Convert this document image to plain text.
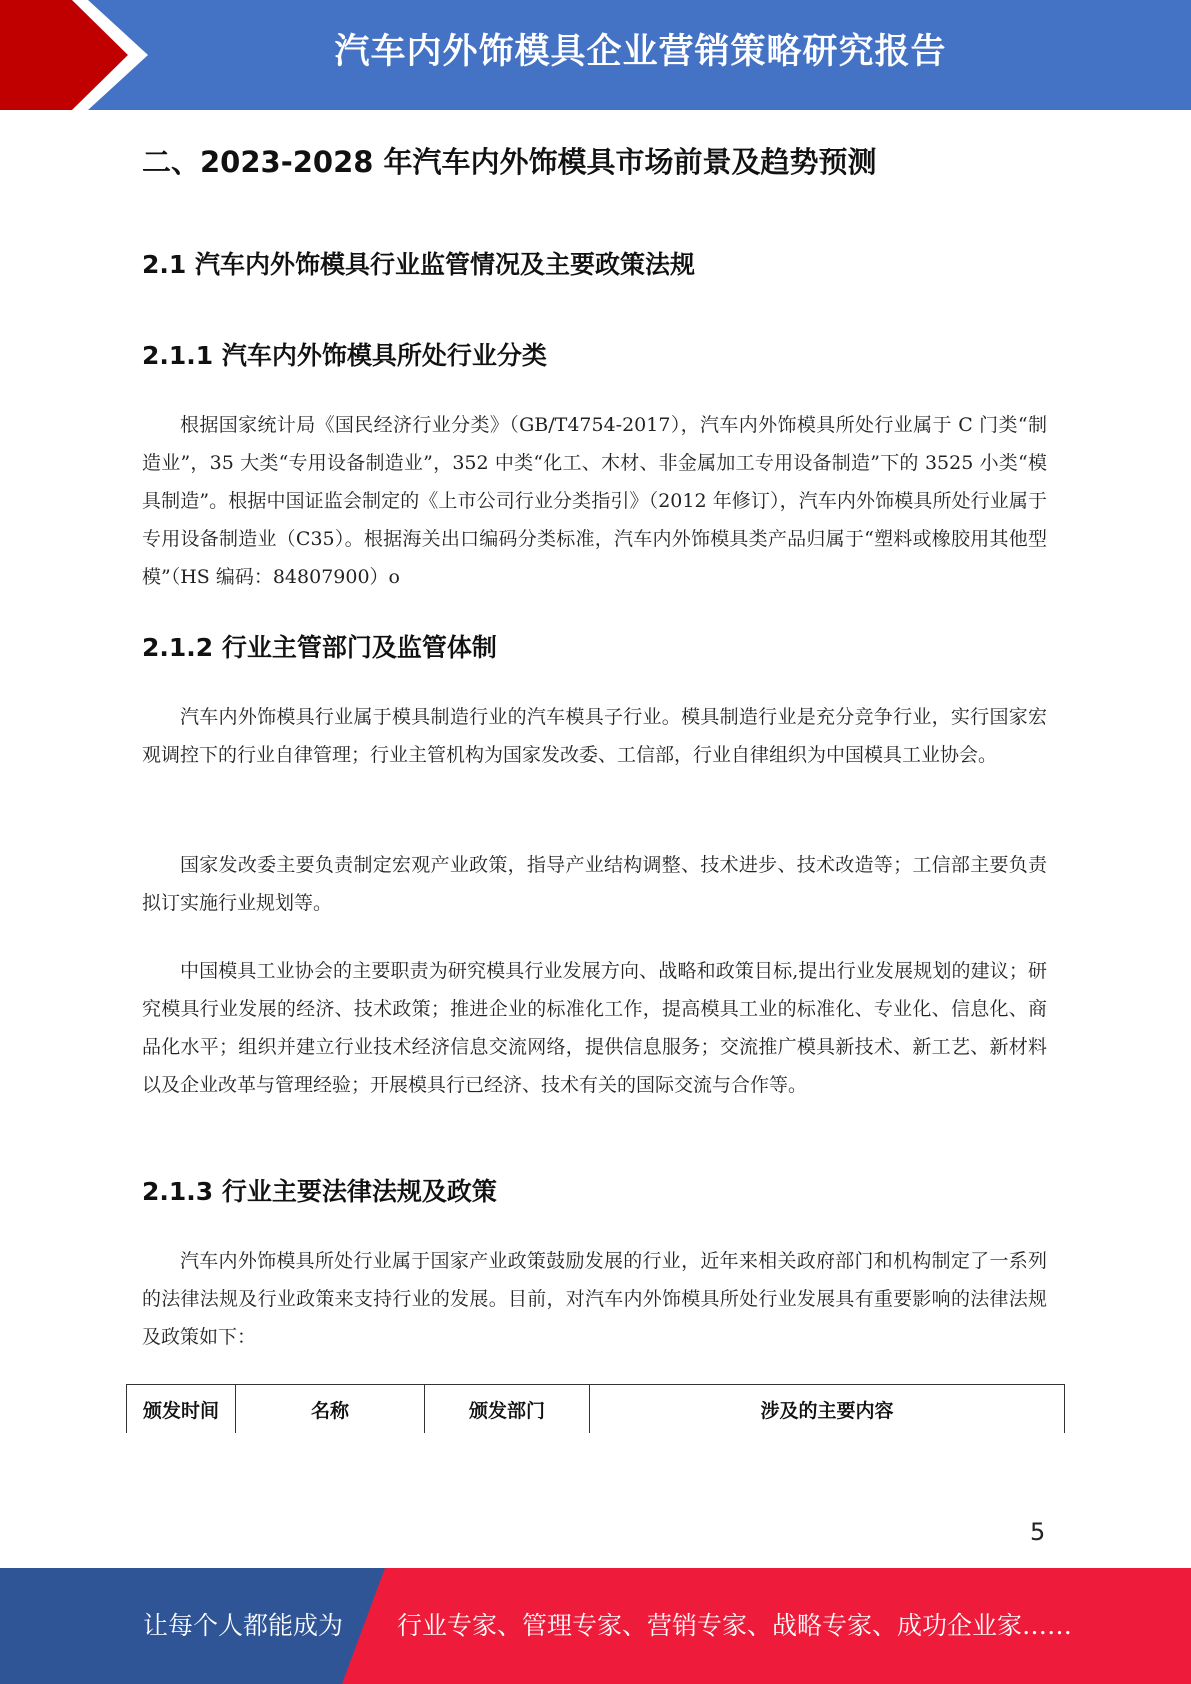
汽车内外饰模具企业营销策略研究报告
二、2023-2028 年汽车内外饰模具市场前景及趋势预测
2.1 汽车内外饰模具行业监管情况及主要政策法规
2.1.1 汽车内外饰模具所处行业分类

根据国家统计局《国民经济行业分类》（GB/T4754-2017），汽车内外饰模具所处行业属于 C 门类“制造业”，35 大类“专用设备制造业”，352 中类“化工、木材、非金属加工专用设备制造”下的 3525 小类“模具制造”。根据中国证监会制定的《上市公司行业分类指引》（2012 年修订），汽车内外饰模具所处行业属于专用设备制造业（C35）。根据海关出口编码分类标准，汽车内外饰模具类产品归属于“塑料或橡胶用其他型模”（HS 编码：84807900）o

2.1.2 行业主管部门及监管体制

汽车内外饰模具行业属于模具制造行业的汽车模具子行业。模具制造行业是充分竞争行业，实行国家宏观调控下的行业自律管理；行业主管机构为国家发改委、工信部，行业自律组织为中国模具工业协会。

国家发改委主要负责制定宏观产业政策，指导产业结构调整、技术进步、技术改造等；工信部主要负责拟订实施行业规划等。

中国模具工业协会的主要职责为研究模具行业发展方向、战略和政策目标,提出行业发展规划的建议；研究模具行业发展的经济、技术政策；推进企业的标准化工作，提高模具工业的标准化、专业化、信息化、商品化水平；组织并建立行业技术经济信息交流网络，提供信息服务；交流推广模具新技术、新工艺、新材料以及企业改革与管理经验；开展模具行已经济、技术有关的国际交流与合作等。

2.1.3 行业主要法律法规及政策

汽车内外饰模具所处行业属于国家产业政策鼓励发展的行业，近年来相关政府部门和机构制定了一系列的法律法规及行业政策来支持行业的发展。目前，对汽车内外饰模具所处行业发展具有重要影响的法律法规及政策如下：

颁发时间	名称	颁发部门	涉及的主要内容
5
让每个人都能成为 行业专家、管理专家、营销专家、战略专家、成功企业家……
